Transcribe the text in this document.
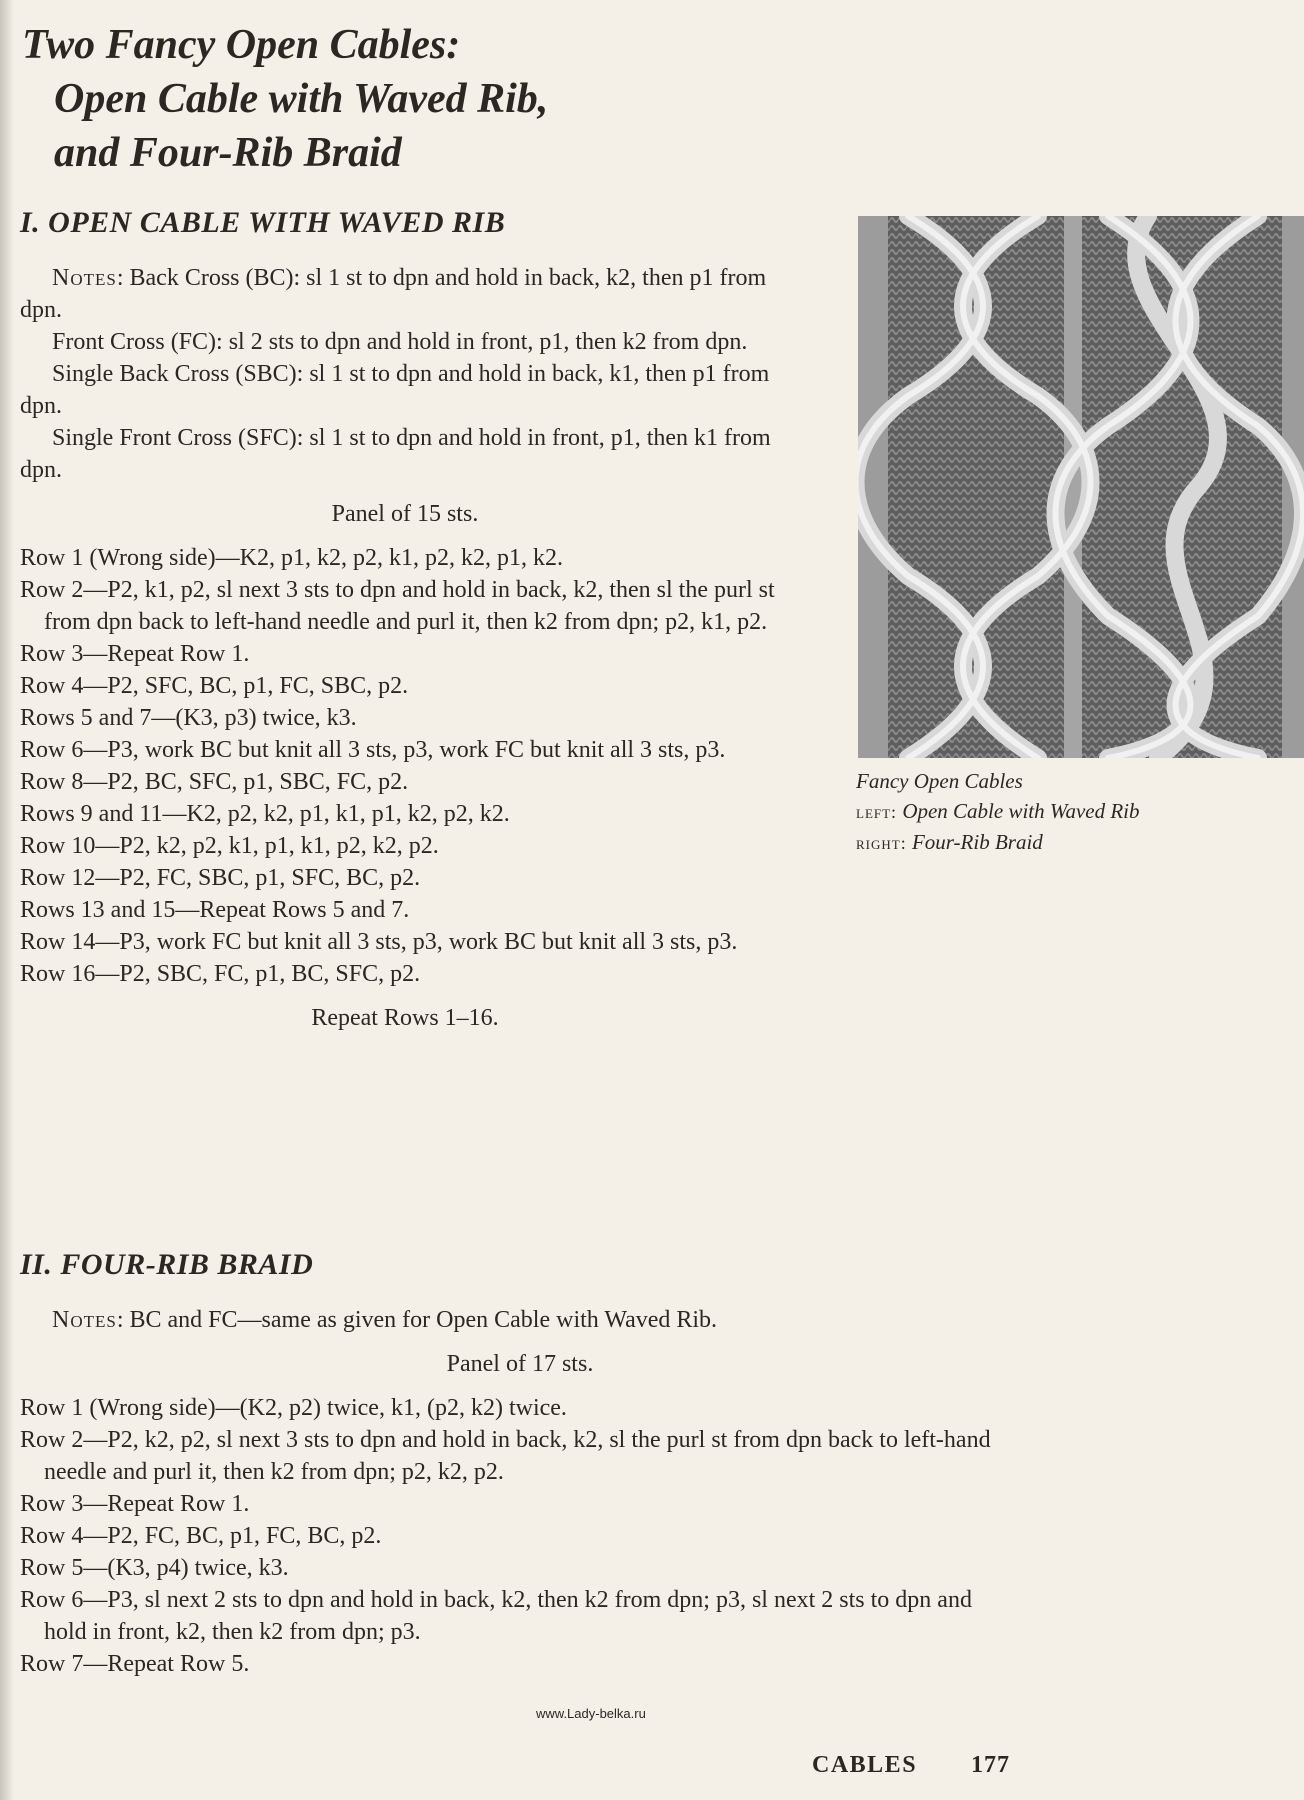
Two Fancy Open Cables:

Open Cable with Waved Rib,

and Four-Rib Braid

I. OPEN CABLE WITH WAVED RIB

Notes: Back Cross (BC): sl 1 st to dpn and hold in back, k2, then p1 from dpn.

Front Cross (FC): sl 2 sts to dpn and hold in front, p1, then k2 from dpn.

Single Back Cross (SBC): sl 1 st to dpn and hold in back, k1, then p1 from dpn.

Single Front Cross (SFC): sl 1 st to dpn and hold in front, p1, then k1 from dpn.

Panel of 15 sts.

Row 1 (Wrong side)—K2, p1, k2, p2, k1, p2, k2, p1, k2.

Row 2—P2, k1, p2, sl next 3 sts to dpn and hold in back, k2, then sl the purl st from dpn back to left-hand needle and purl it, then k2 from dpn; p2, k1, p2.

Row 3—Repeat Row 1.

Row 4—P2, SFC, BC, p1, FC, SBC, p2.

Rows 5 and 7—(K3, p3) twice, k3.

Row 6—P3, work BC but knit all 3 sts, p3, work FC but knit all 3 sts, p3.

Row 8—P2, BC, SFC, p1, SBC, FC, p2.

Rows 9 and 11—K2, p2, k2, p1, k1, p1, k2, p2, k2.

Row 10—P2, k2, p2, k1, p1, k1, p2, k2, p2.

Row 12—P2, FC, SBC, p1, SFC, BC, p2.

Rows 13 and 15—Repeat Rows 5 and 7.

Row 14—P3, work FC but knit all 3 sts, p3, work BC but knit all 3 sts, p3.

Row 16—P2, SBC, FC, p1, BC, SFC, p2.

Repeat Rows 1–16.

Fancy Open Cables
left: Open Cable with Waved Rib
right: Four-Rib Braid
II. FOUR-RIB BRAID

Notes: BC and FC—same as given for Open Cable with Waved Rib.

Panel of 17 sts.

Row 1 (Wrong side)—(K2, p2) twice, k1, (p2, k2) twice.

Row 2—P2, k2, p2, sl next 3 sts to dpn and hold in back, k2, sl the purl st from dpn back to left-hand needle and purl it, then k2 from dpn; p2, k2, p2.

Row 3—Repeat Row 1.

Row 4—P2, FC, BC, p1, FC, BC, p2.

Row 5—(K3, p4) twice, k3.

Row 6—P3, sl next 2 sts to dpn and hold in back, k2, then k2 from dpn; p3, sl next 2 sts to dpn and hold in front, k2, then k2 from dpn; p3.

Row 7—Repeat Row 5.

www.Lady-belka.ru
CABLES 177
